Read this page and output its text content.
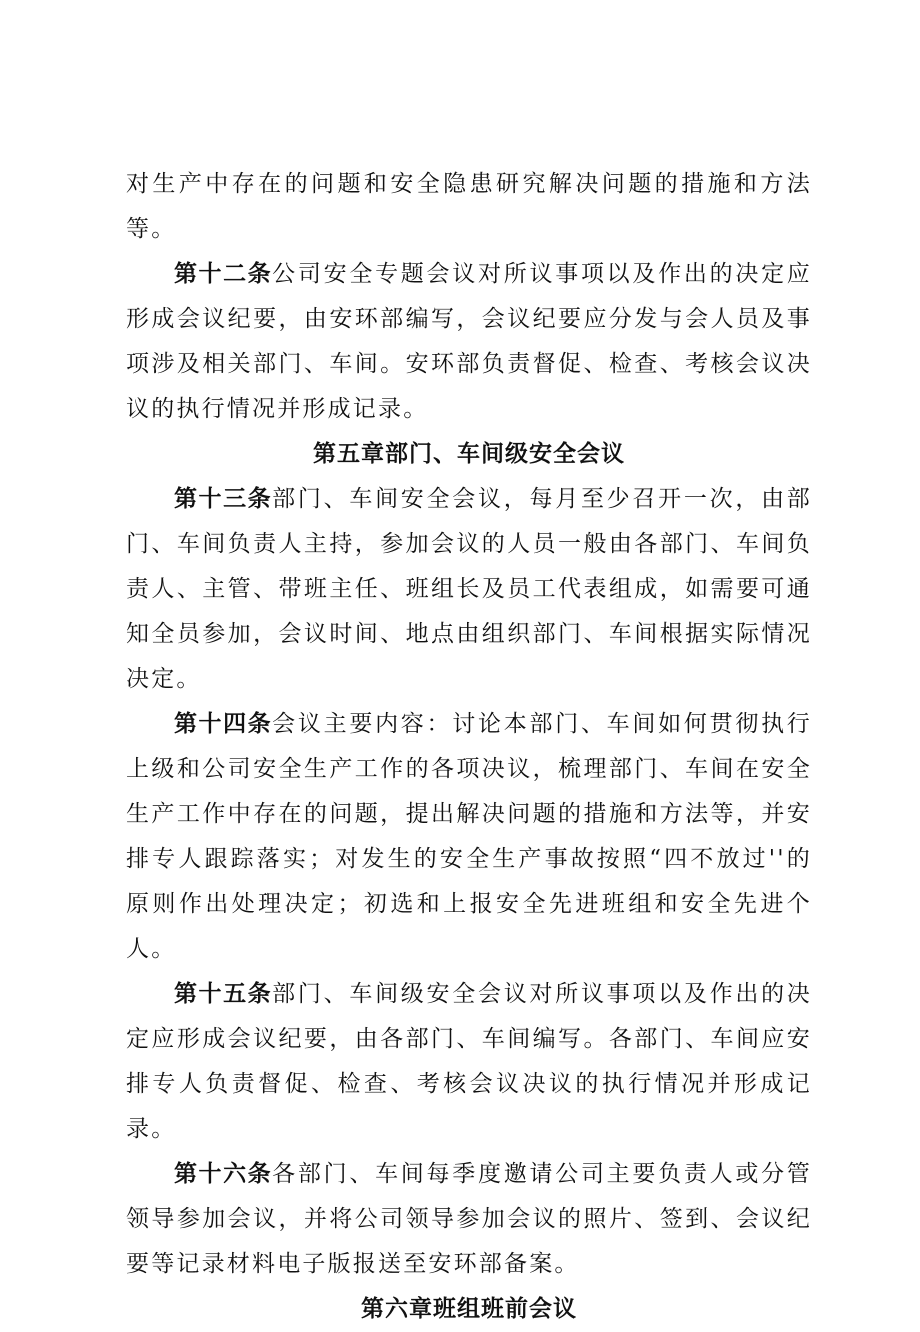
对生产中存在的问题和安全隐患研究解决问题的措施和方法等。

第十二条公司安全专题会议对所议事项以及作出的决定应形成会议纪要，由安环部编写，会议纪要应分发与会人员及事项涉及相关部门、车间。安环部负责督促、检查、考核会议决议的执行情况并形成记录。

第五章部门、车间级安全会议

第十三条部门、车间安全会议，每月至少召开一次，由部门、车间负责人主持，参加会议的人员一般由各部门、车间负责人、主管、带班主任、班组长及员工代表组成，如需要可通知全员参加，会议时间、地点由组织部门、车间根据实际情况决定。

第十四条会议主要内容：讨论本部门、车间如何贯彻执行上级和公司安全生产工作的各项决议，梳理部门、车间在安全生产工作中存在的问题，提出解决问题的措施和方法等，并安排专人跟踪落实；对发生的安全生产事故按照“四不放过''的原则作出处理决定；初选和上报安全先进班组和安全先进个人。

第十五条部门、车间级安全会议对所议事项以及作出的决定应形成会议纪要，由各部门、车间编写。各部门、车间应安排专人负责督促、检查、考核会议决议的执行情况并形成记录。

第十六条各部门、车间每季度邀请公司主要负责人或分管领导参加会议，并将公司领导参加会议的照片、签到、会议纪要等记录材料电子版报送至安环部备案。

第六章班组班前会议
